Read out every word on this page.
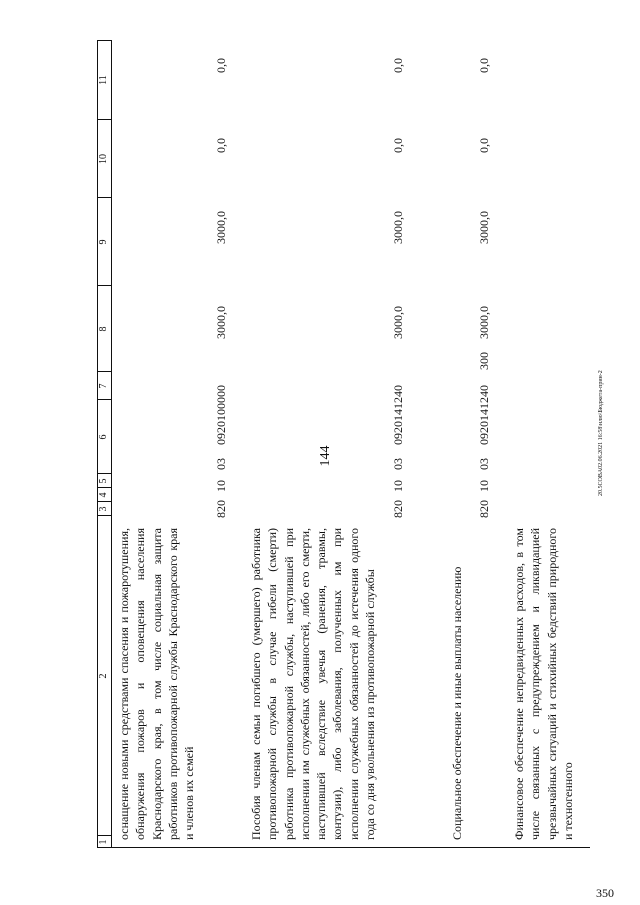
144
350
20.5COBA02.06.2021 16:58\нлю\Бюджета-прин-2
1
2
3
4
5
6
7
8
9
10
11
оснащение новыми средствами спасения и пожаротушения, обнаружения пожаров и оповещения населения Краснодарского края, в том числе социальная защита работников противопожарной службы Краснодарского края и членов их семей
820
10
03
0920100000
3000,0
3000,0
0,0
0,0
Пособия членам семьи погибшего (умершего) работника противопожарной службы в случае гибели (смерти) работника противопожарной службы, наступившей при исполнении им служебных обязанностей, либо его смерти, наступившей вследствие увечья (ранения, травмы, контузии), либо заболевания, полученных им при исполнении служебных обязанностей до истечения одного года со дня увольнения из противопожарной службы
820
10
03
0920141240
3000,0
3000,0
0,0
0,0
Социальное обеспечение и иные выплаты населению
820
10
03
0920141240
300
3000,0
3000,0
0,0
0,0
Финансовое обеспечение непредвиденных расходов, в том числе связанных с предупреждением и ликвидацией чрезвычайных ситуаций и стихийных бедствий природного и техногенного
